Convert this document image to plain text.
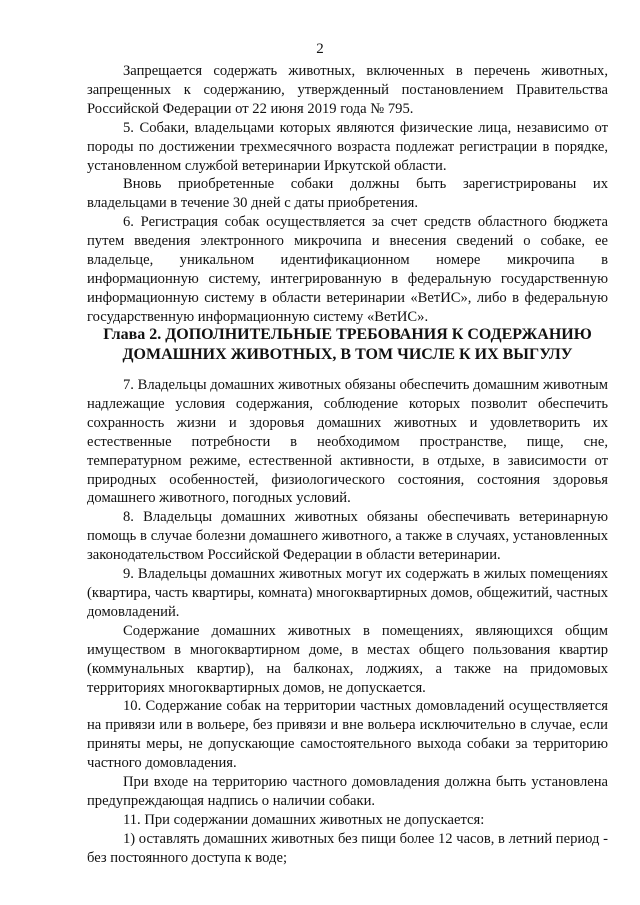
2

Запрещается содержать животных, включенных в перечень животных, запрещенных к содержанию, утвержденный постановлением Правительства Российской Федерации от 22 июня 2019 года № 795.

5. Собаки, владельцами которых являются физические лица, независимо от породы по достижении трехмесячного возраста подлежат регистрации в порядке, установленном службой ветеринарии Иркутской области.

Вновь приобретенные собаки должны быть зарегистрированы их владельцами в течение 30 дней с даты приобретения.

6. Регистрация собак осуществляется за счет средств областного бюджета путем введения электронного микрочипа и внесения сведений о собаке, ее владельце, уникальном идентификационном номере микрочипа в информационную систему, интегрированную в федеральную государственную информационную систему в области ветеринарии «ВетИС», либо в федеральную государственную информационную систему «ВетИС».

Глава 2. ДОПОЛНИТЕЛЬНЫЕ ТРЕБОВАНИЯ К СОДЕРЖАНИЮ

ДОМАШНИХ ЖИВОТНЫХ, В ТОМ ЧИСЛЕ К ИХ ВЫГУЛУ

7. Владельцы домашних животных обязаны обеспечить домашним животным надлежащие условия содержания, соблюдение которых позволит обеспечить сохранность жизни и здоровья домашних животных и удовлетворить их естественные потребности в необходимом пространстве, пище, сне, температурном режиме, естественной активности, в отдыхе, в зависимости от природных особенностей, физиологического состояния, состояния здоровья домашнего животного, погодных условий.

8. Владельцы домашних животных обязаны обеспечивать ветеринарную помощь в случае болезни домашнего животного, а также в случаях, установленных законодательством Российской Федерации в области ветеринарии.

9. Владельцы домашних животных могут их содержать в жилых помещениях (квартира, часть квартиры, комната) многоквартирных домов, общежитий, частных домовладений.

Содержание домашних животных в помещениях, являющихся общим имуществом в многоквартирном доме, в местах общего пользования квартир (коммунальных квартир), на балконах, лоджиях, а также на придомовых территориях многоквартирных домов, не допускается.

10. Содержание собак на территории частных домовладений осуществляется на привязи или в вольере, без привязи и вне вольера исключительно в случае, если приняты меры, не допускающие самостоятельного выхода собаки за территорию частного домовладения.

При входе на территорию частного домовладения должна быть установлена предупреждающая надпись о наличии собаки.

11. При содержании домашних животных не допускается:

1) оставлять домашних животных без пищи более 12 часов, в летний период - без постоянного доступа к воде;
